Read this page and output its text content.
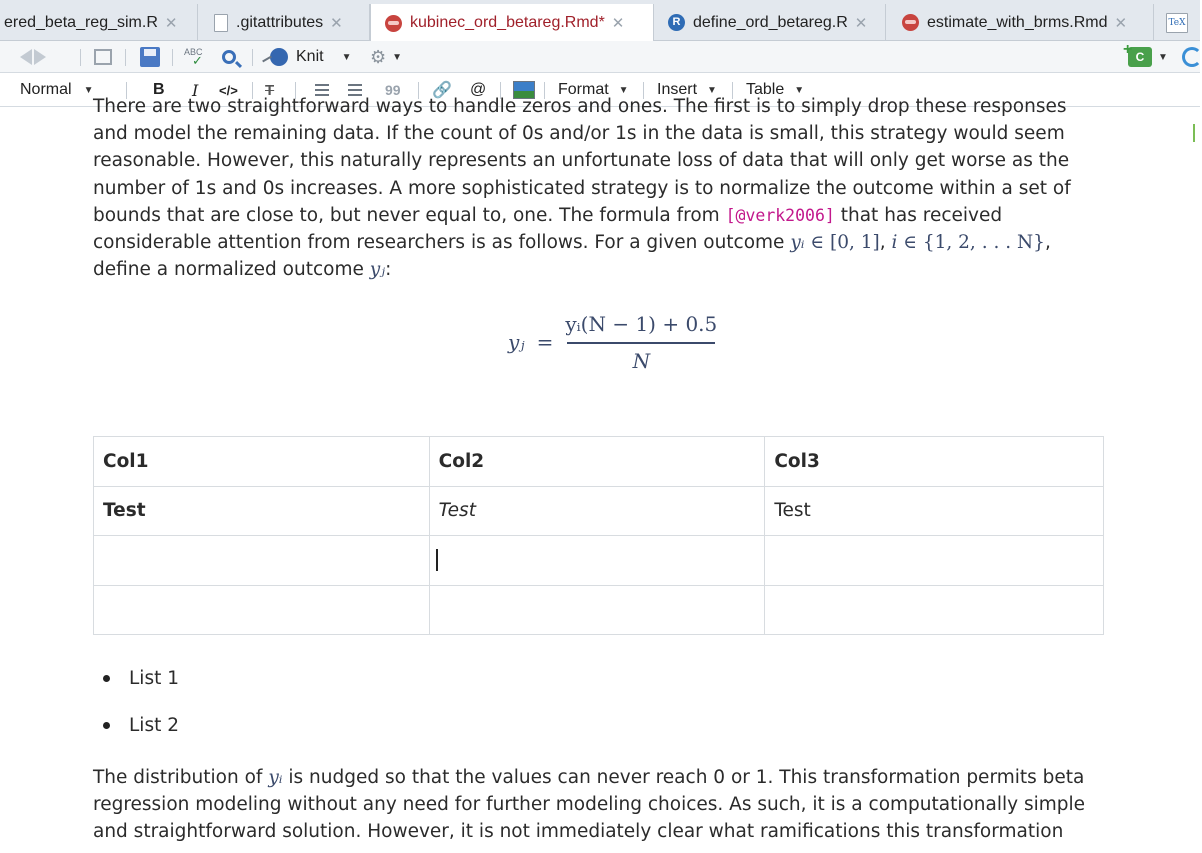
ered_beta_reg_sim.R ✕	.gitattributes ✕	kubinec_ord_betareg.Rmd* ✕	R define_ord_betareg.R ✕	estimate_with_brms.Rmd ✕	TeX
ABC
✓	Knit ▼ ⚙ ▼	+ C	▼
Normal ▼	B I </> T	99 🔗 @	Format ▼ Insert ▼ Table ▼
There are two straightforward ways to handle zeros and ones. The first is to simply drop these responses
and model the remaining data. If the count of 0s and/or 1s in the data is small, this strategy would seem
reasonable. However, this naturally represents an unfortunate loss of data that will only get worse as the
number of 1s and 0s increases. A more sophisticated strategy is to normalize the outcome within a set of
bounds that are close to, but never equal to, one. The formula from [@verk2006] that has received
considerable attention from researchers is as follows. For a given outcome yᵢ ∈ [0, 1], i ∈ {1, 2, . . . N},
define a normalized outcome yⱼ:
yⱼ = $\frac{\text{yᵢ(N − 1) + 0.5}}{N}$
Col1	Col2	Col3
Test	Test	Test

List 1
List 2
The distribution of yᵢ is nudged so that the values can never reach 0 or 1. This transformation permits beta
regression modeling without any need for further modeling choices. As such, it is a computationally simple
and straightforward solution. However, it is not immediately clear what ramifications this transformation
